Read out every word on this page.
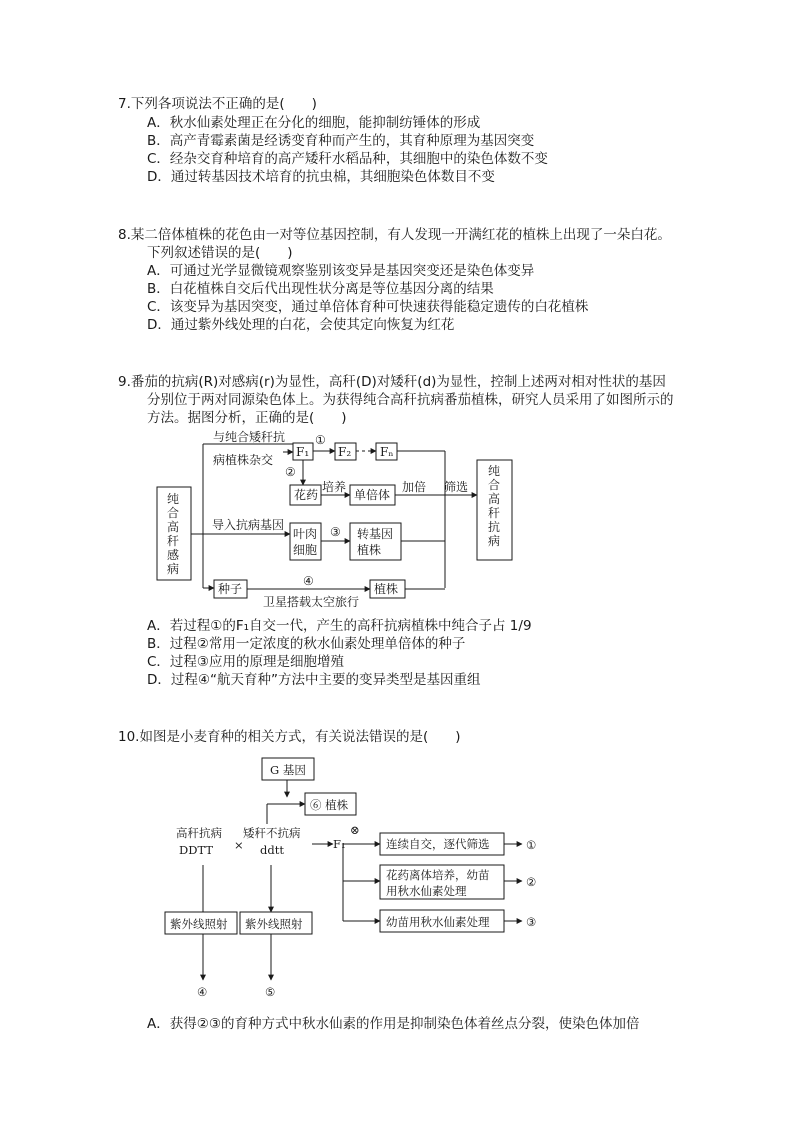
7.下列各项说法不正确的是(　　)
A．秋水仙素处理正在分化的细胞，能抑制纺锤体的形成
B．高产青霉素菌是经诱变育种而产生的，其育种原理为基因突变
C．经杂交育种培育的高产矮秆水稻品种，其细胞中的染色体数不变
D．通过转基因技术培育的抗虫棉，其细胞染色体数目不变
8.某二倍体植株的花色由一对等位基因控制，有人发现一开满红花的植株上出现了一朵白花。
下列叙述错误的是(　　)
A．可通过光学显微镜观察鉴别该变异是基因突变还是染色体变异
B．白花植株自交后代出现性状分离是等位基因分离的结果
C．该变异为基因突变，通过单倍体育种可快速获得能稳定遗传的白花植株
D．通过紫外线处理的白花，会使其定向恢复为红花
9.番茄的抗病(R)对感病(r)为显性，高秆(D)对矮秆(d)为显性，控制上述两对相对性状的基因
分别位于两对同源染色体上。为获得纯合高秆抗病番茄植株，研究人员采用了如图所示的
方法。据图分析，正确的是(　　)
纯
合
高
秆
感
病
纯
合
高
秆
抗
病
与纯合矮秆抗
病植株杂交
①
②
F₁ F₂ Fₙ
花药
培养
单倍体
加倍 筛选
导入抗病基因
叶肉
细胞
③ 转基因
植株
种子
④
植株
卫星搭载太空旅行
A．若过程①的F₁自交一代，产生的高秆抗病植株中纯合子占 1/9
B．过程②常用一定浓度的秋水仙素处理单倍体的种子
C．过程③应用的原理是细胞增殖
D．过程④“航天育种”方法中主要的变异类型是基因重组
10.如图是小麦育种的相关方式，有关说法错误的是(　　)
G 基因
⑥ 植株
高秆抗病
DDTT ×
矮秆不抗病
ddtt
⊗
F₁	连续自交，逐代筛选
花药离体培养，幼苗
用秋水仙素处理
幼苗用秋水仙素处理
紫外线照射 紫外线照射
①
②
③
④	⑤
A．获得②③的育种方式中秋水仙素的作用是抑制染色体着丝点分裂，使染色体加倍
